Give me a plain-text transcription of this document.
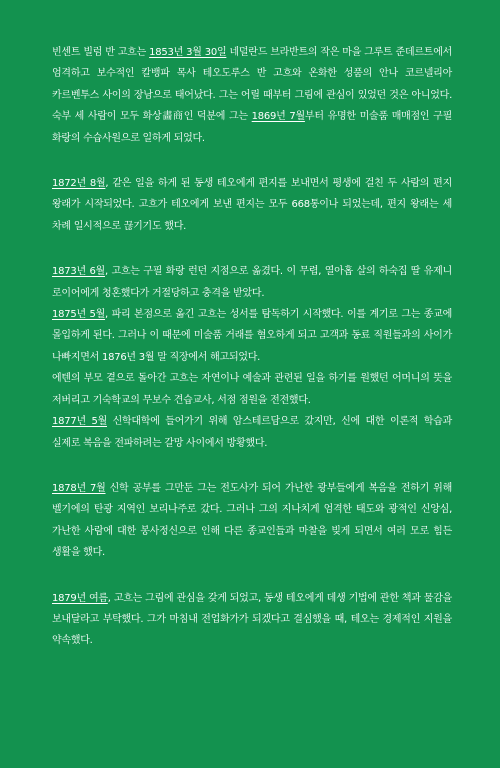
빈센트 빌럼 반 고흐는 1853년 3월 30일 네덜란드 브라반트의 작은 마을 그루트 준데르트에서 엄격하고 보수적인 칼뱅파 목사 테오도루스 반 고흐와 온화한 성품의 안나 코르넬리아 카르벤투스 사이의 장남으로 태어났다. 그는 어릴 때부터 그림에 관심이 있었던 것은 아니었다. 숙부 세 사람이 모두 화상畵商인 덕분에 그는 1869년 7월부터 유명한 미술품 매매점인 구필 화랑의 수습사원으로 일하게 되었다.

1872년 8월, 같은 일을 하게 된 동생 테오에게 편지를 보내면서 평생에 걸친 두 사람의 편지 왕래가 시작되었다. 고흐가 테오에게 보낸 편지는 모두 668통이나 되었는데, 편지 왕래는 세 차례 일시적으로 끊기기도 했다.

1873년 6월, 고흐는 구필 화랑 런던 지점으로 옮겼다. 이 무렵, 열아홉 살의 하숙집 딸 유제니 로이어에게 청혼했다가 거절당하고 충격을 받았다.

1875년 5월, 파리 본점으로 옮긴 고흐는 성서를 탐독하기 시작했다. 이를 계기로 그는 종교에 몰입하게 된다. 그러나 이 때문에 미술품 거래를 혐오하게 되고 고객과 동료 직원들과의 사이가 나빠지면서 1876년 3월 말 직장에서 해고되었다.

에텐의 부모 곁으로 돌아간 고흐는 자연이나 예술과 관련된 일을 하기를 원했던 어머니의 뜻을 저버리고 기숙학교의 무보수 견습교사, 서점 점원을 전전했다.

1877년 5월 신학대학에 들어가기 위해 암스테르담으로 갔지만, 신에 대한 이론적 학습과 실제로 복음을 전파하려는 갈망 사이에서 방황했다.

1878년 7월 신학 공부를 그만둔 그는 전도사가 되어 가난한 광부들에게 복음을 전하기 위해 벨기에의 탄광 지역인 보리나주로 갔다. 그러나 그의 지나치게 엄격한 태도와 광적인 신앙심, 가난한 사람에 대한 봉사정신으로 인해 다른 종교인들과 마찰을 빚게 되면서 여러 모로 힘든 생활을 했다.

1879년 여름, 고흐는 그림에 관심을 갖게 되었고, 동생 테오에게 데생 기법에 관한 책과 물감을 보내달라고 부탁했다. 그가 마침내 전업화가가 되겠다고 결심했을 때, 테오는 경제적인 지원을 약속했다.
